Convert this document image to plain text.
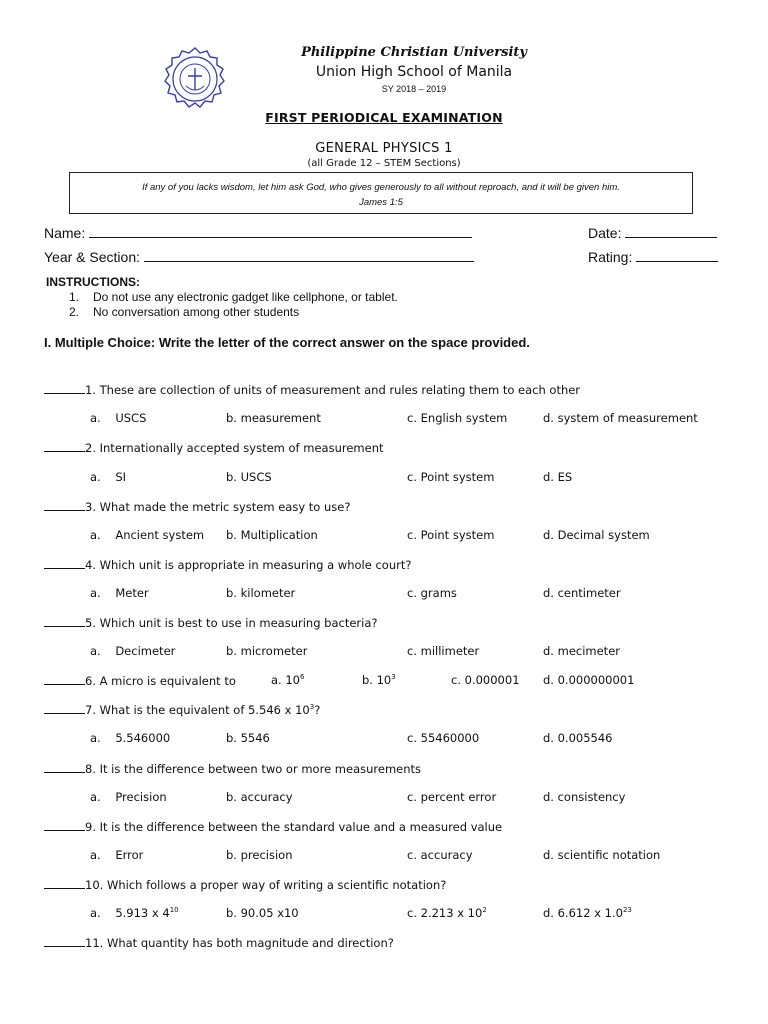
Philippine Christian University
Union High School of Manila
SY 2018 – 2019
FIRST PERIODICAL EXAMINATION
GENERAL PHYSICS 1
(all Grade 12 – STEM Sections)
If any of you lacks wisdom, let him ask God, who gives generously to all without reproach, and it will be given him.
James 1:5
Name:	Date:
Year & Section:	Rating:
INSTRUCTIONS:
1. Do not use any electronic gadget like cellphone, or tablet.
2. No conversation among other students
I. Multiple Choice: Write the letter of the correct answer on the space provided.
1. These are collection of units of measurement and rules relating them to each other
a. USCS	b. measurement	c. English system	d. system of measurement
2. Internationally accepted system of measurement
a. SI	b. USCS	c. Point system	d. ES
3. What made the metric system easy to use?
a. Ancient system b. Multiplication	c. Point system	d. Decimal system
4. Which unit is appropriate in measuring a whole court?
a. Meter	b. kilometer	c. grams	d. centimeter
5. Which unit is best to use in measuring bacteria?
a. Decimeter	b. micrometer	c. millimeter	d. mecimeter
6. A micro is equivalent to	a. $10^6$	b. $10^3$	c. 0.000001 d. 0.000000001
7. What is the equivalent of 5.546 x $10^3$?
a. 5.546000	b. 5546	c. 55460000	d. 0.005546
8. It is the difference between two or more measurements
a. Precision	b. accuracy	c. percent error	d. consistency
9. It is the difference between the standard value and a measured value
a. Error	b. precision	c. accuracy	d. scientific notation
10. Which follows a proper way of writing a scientific notation?
a. 5.913 x $4^{10}$	b. 90.05 x10	c. 2.213 x $10^2$	d. 6.612 x $1.0^{23}$
11. What quantity has both magnitude and direction?
